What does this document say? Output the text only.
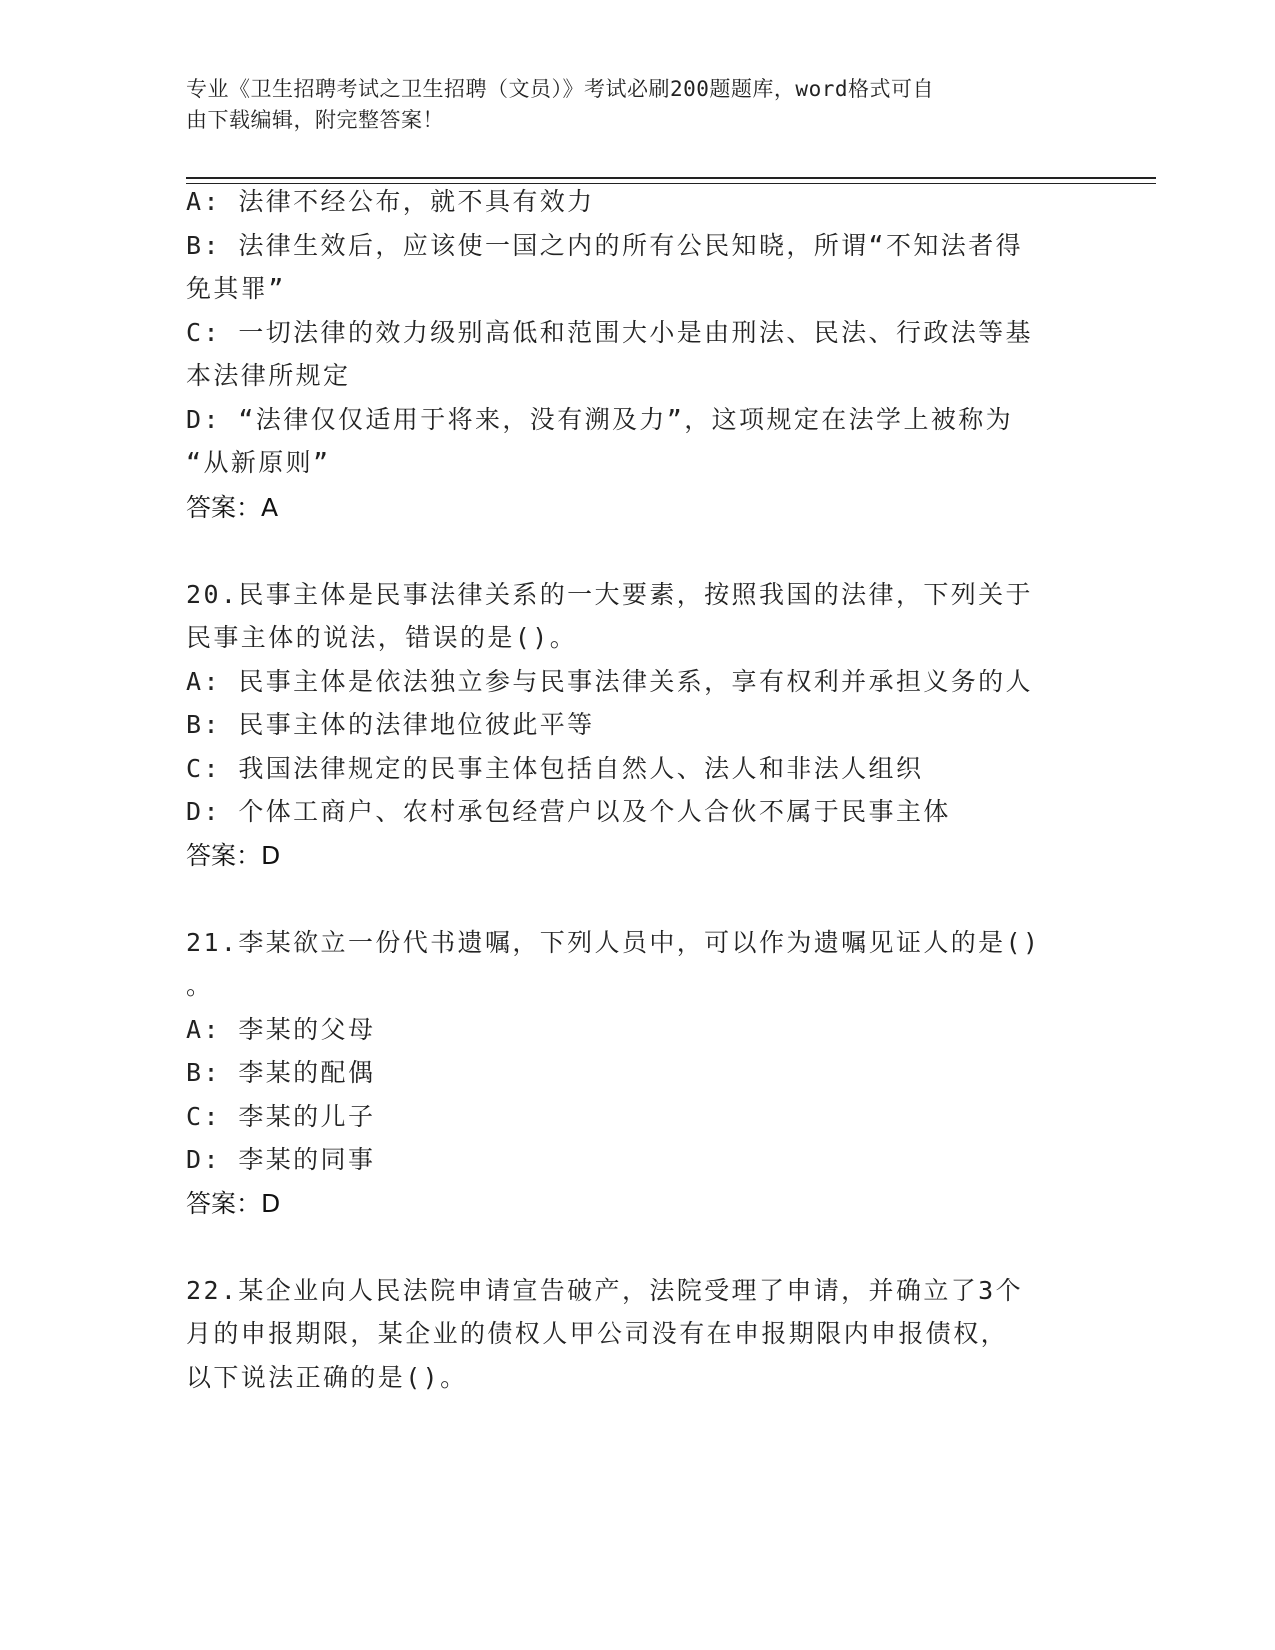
专业《卫生招聘考试之卫生招聘（文员）》考试必刷200题题库，word格式可自
由下载编辑，附完整答案！
A: 法律不经公布，就不具有效力
B: 法律生效后，应该使一国之内的所有公民知晓，所谓“不知法者得
免其罪”
C: 一切法律的效力级别高低和范围大小是由刑法、民法、行政法等基
本法律所规定
D: “法律仅仅适用于将来，没有溯及力”，这项规定在法学上被称为
“从新原则”
答案：A
20.民事主体是民事法律关系的一大要素，按照我国的法律，下列关于
民事主体的说法，错误的是()。
A: 民事主体是依法独立参与民事法律关系，享有权利并承担义务的人
B: 民事主体的法律地位彼此平等
C: 我国法律规定的民事主体包括自然人、法人和非法人组织
D: 个体工商户、农村承包经营户以及个人合伙不属于民事主体
答案：D
21.李某欲立一份代书遗嘱，下列人员中，可以作为遗嘱见证人的是()
。
A: 李某的父母
B: 李某的配偶
C: 李某的儿子
D: 李某的同事
答案：D
22.某企业向人民法院申请宣告破产，法院受理了申请，并确立了3个
月的申报期限，某企业的债权人甲公司没有在申报期限内申报债权，
以下说法正确的是()。
